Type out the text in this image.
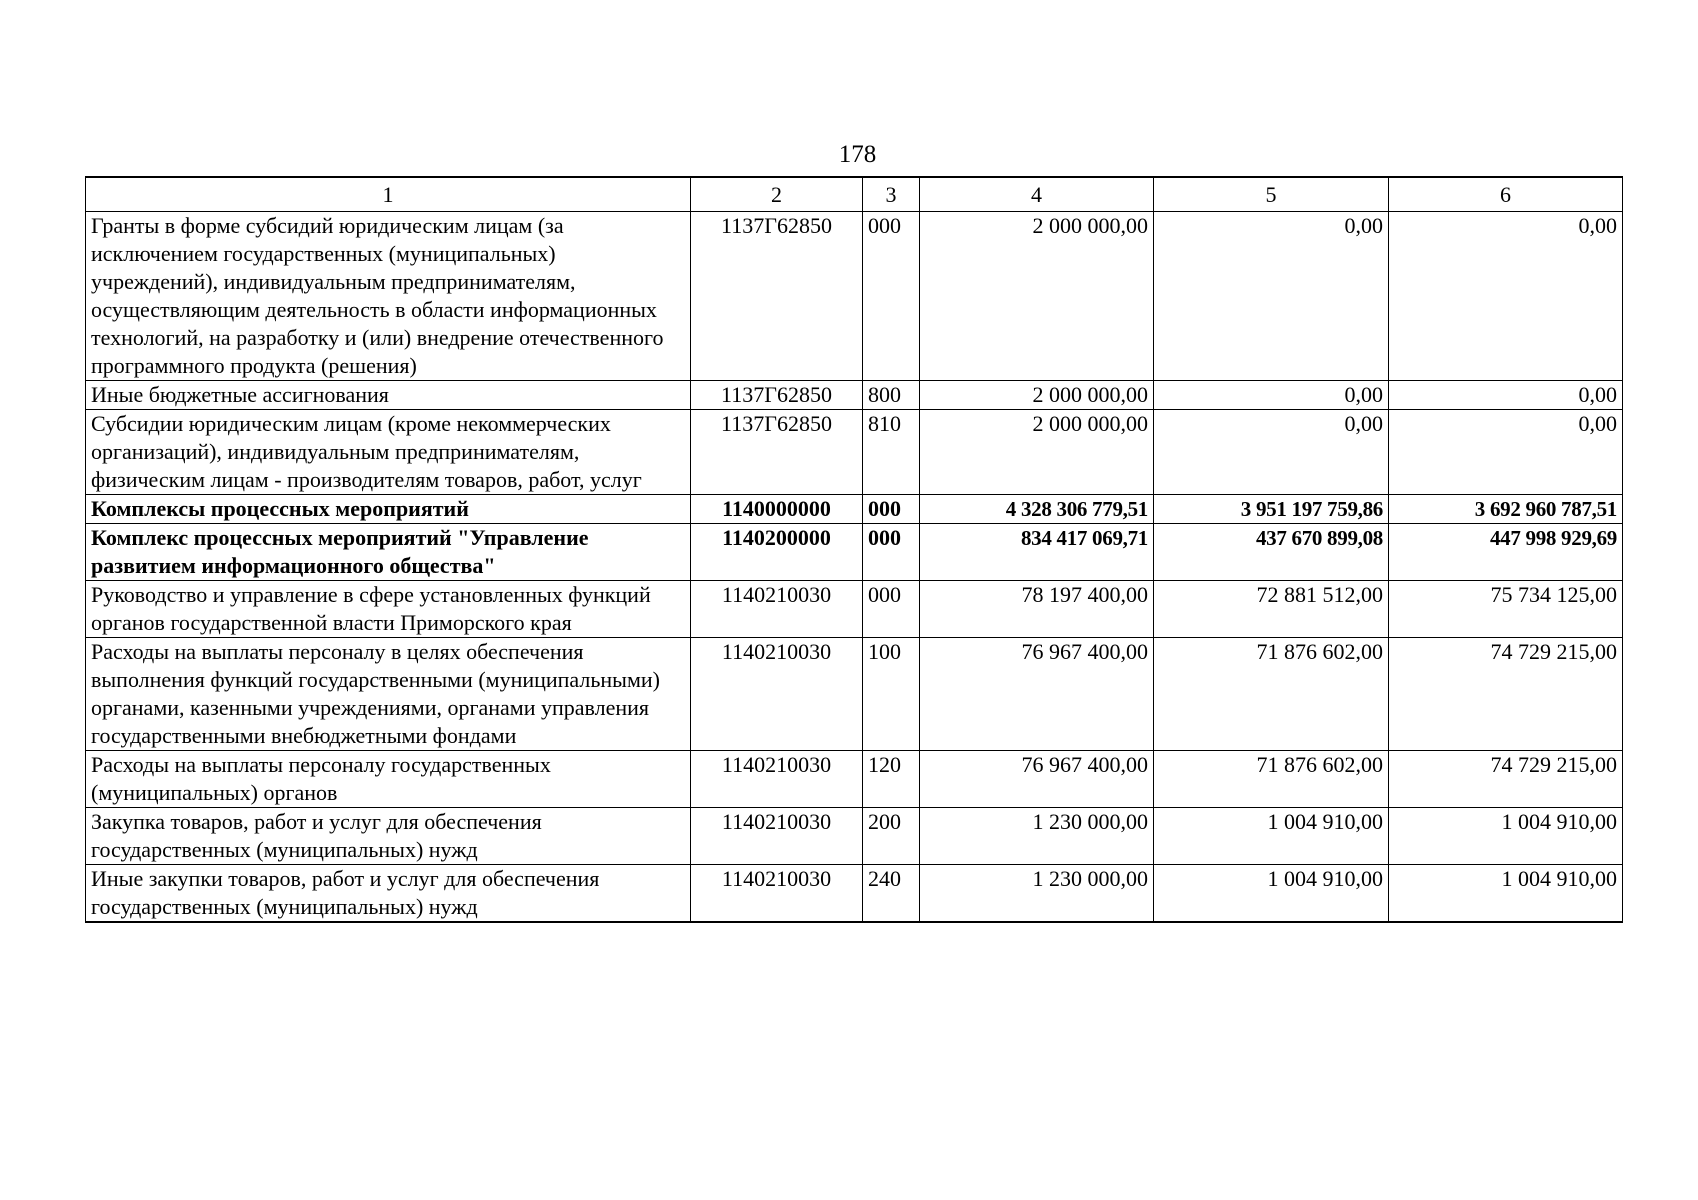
178
1	2	3	4	5	6
Гранты в форме субсидий юридическим лицам (за исключением государственных (муниципальных) учреждений), индивидуальным предпринимателям, осуществляющим деятельность в области информационных технологий, на разработку и (или) внедрение отечественного программного продукта (решения)	1137Г62850	000	2 000 000,00	0,00	0,00
Иные бюджетные ассигнования	1137Г62850	800	2 000 000,00	0,00	0,00
Субсидии юридическим лицам (кроме некоммерческих организаций), индивидуальным предпринимателям, физическим лицам - производителям товаров, работ, услуг	1137Г62850	810	2 000 000,00	0,00	0,00
Комплексы процессных мероприятий	1140000000	000	4 328 306 779,51	3 951 197 759,86	3 692 960 787,51
Комплекс процессных мероприятий "Управление развитием информационного общества"	1140200000	000	834 417 069,71	437 670 899,08	447 998 929,69
Руководство и управление в сфере установленных функций органов государственной власти Приморского края	1140210030	000	78 197 400,00	72 881 512,00	75 734 125,00
Расходы на выплаты персоналу в целях обеспечения выполнения функций государственными (муниципальными) органами, казенными учреждениями, органами управления государственными внебюджетными фондами	1140210030	100	76 967 400,00	71 876 602,00	74 729 215,00
Расходы на выплаты персоналу государственных (муниципальных) органов	1140210030	120	76 967 400,00	71 876 602,00	74 729 215,00
Закупка товаров, работ и услуг для обеспечения государственных (муниципальных) нужд	1140210030	200	1 230 000,00	1 004 910,00	1 004 910,00
Иные закупки товаров, работ и услуг для обеспечения государственных (муниципальных) нужд	1140210030	240	1 230 000,00	1 004 910,00	1 004 910,00
